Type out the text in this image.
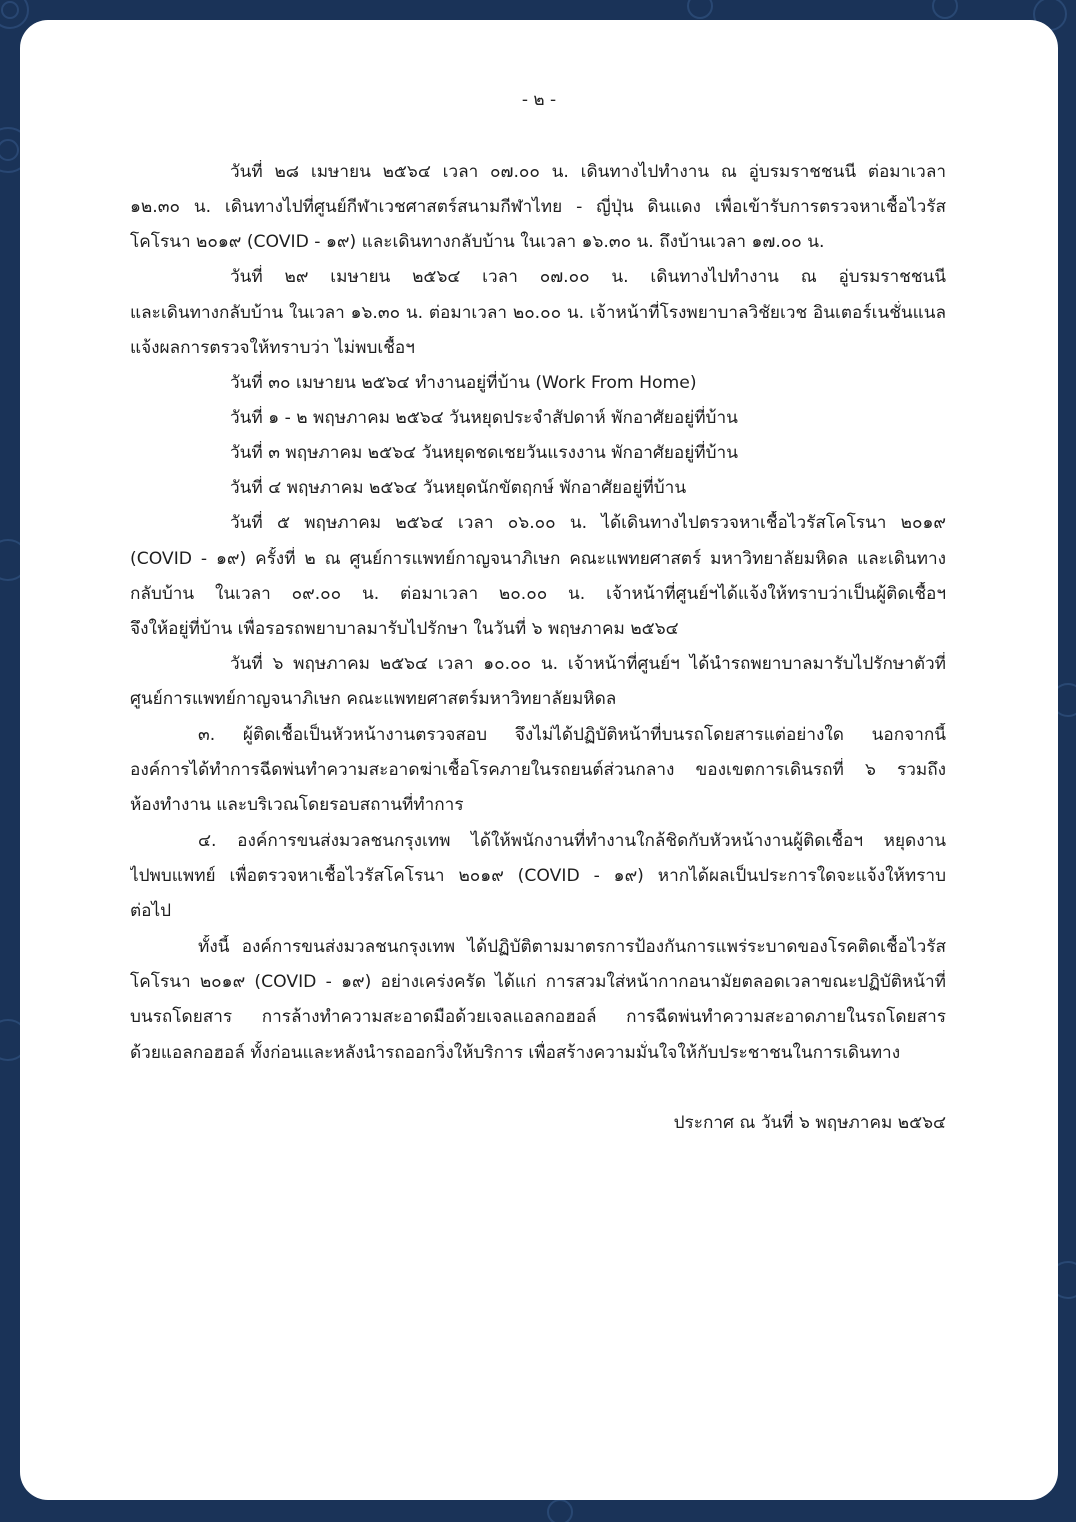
- ๒ -
วันที่ ๒๘ เมษายน ๒๕๖๔ เวลา ๐๗.๐๐ น. เดินทางไปทำงาน ณ อู่บรมราชชนนี ต่อมาเวลา
๑๒.๓๐ น. เดินทางไปที่ศูนย์กีฬาเวชศาสตร์สนามกีฬาไทย - ญี่ปุ่น ดินแดง เพื่อเข้ารับการตรวจหาเชื้อไวรัส
โคโรนา ๒๐๑๙ (COVID - ๑๙) และเดินทางกลับบ้าน ในเวลา ๑๖.๓๐ น. ถึงบ้านเวลา ๑๗.๐๐ น.
วันที่ ๒๙ เมษายน ๒๕๖๔ เวลา ๐๗.๐๐ น. เดินทางไปทำงาน ณ อู่บรมราชชนนี
และเดินทางกลับบ้าน ในเวลา ๑๖.๓๐ น. ต่อมาเวลา ๒๐.๐๐ น. เจ้าหน้าที่โรงพยาบาลวิชัยเวช อินเตอร์เนชั่นแนล
แจ้งผลการตรวจให้ทราบว่า ไม่พบเชื้อฯ
วันที่ ๓๐ เมษายน ๒๕๖๔ ทำงานอยู่ที่บ้าน (Work From Home)
วันที่ ๑ - ๒ พฤษภาคม ๒๕๖๔ วันหยุดประจำสัปดาห์ พักอาศัยอยู่ที่บ้าน
วันที่ ๓ พฤษภาคม ๒๕๖๔ วันหยุดชดเชยวันแรงงาน พักอาศัยอยู่ที่บ้าน
วันที่ ๔ พฤษภาคม ๒๕๖๔ วันหยุดนักขัตฤกษ์ พักอาศัยอยู่ที่บ้าน
วันที่ ๕ พฤษภาคม ๒๕๖๔ เวลา ๐๖.๐๐ น. ได้เดินทางไปตรวจหาเชื้อไวรัสโคโรนา ๒๐๑๙
(COVID - ๑๙) ครั้งที่ ๒ ณ ศูนย์การแพทย์กาญจนาภิเษก คณะแพทยศาสตร์ มหาวิทยาลัยมหิดล และเดินทาง
กลับบ้าน ในเวลา ๐๙.๐๐ น. ต่อมาเวลา ๒๐.๐๐ น. เจ้าหน้าที่ศูนย์ฯได้แจ้งให้ทราบว่าเป็นผู้ติดเชื้อฯ
จึงให้อยู่ที่บ้าน เพื่อรอรถพยาบาลมารับไปรักษา ในวันที่ ๖ พฤษภาคม ๒๕๖๔
วันที่ ๖ พฤษภาคม ๒๕๖๔ เวลา ๑๐.๐๐ น. เจ้าหน้าที่ศูนย์ฯ ได้นำรถพยาบาลมารับไปรักษาตัวที่
ศูนย์การแพทย์กาญจนาภิเษก คณะแพทยศาสตร์มหาวิทยาลัยมหิดล
๓. ผู้ติดเชื้อเป็นหัวหน้างานตรวจสอบ จึงไม่ได้ปฏิบัติหน้าที่บนรถโดยสารแต่อย่างใด นอกจากนี้
องค์การได้ทำการฉีดพ่นทำความสะอาดฆ่าเชื้อโรคภายในรถยนต์ส่วนกลาง ของเขตการเดินรถที่ ๖ รวมถึง
ห้องทำงาน และบริเวณโดยรอบสถานที่ทำการ
๔. องค์การขนส่งมวลชนกรุงเทพ ได้ให้พนักงานที่ทำงานใกล้ชิดกับหัวหน้างานผู้ติดเชื้อฯ หยุดงาน
ไปพบแพทย์ เพื่อตรวจหาเชื้อไวรัสโคโรนา ๒๐๑๙ (COVID - ๑๙) หากได้ผลเป็นประการใดจะแจ้งให้ทราบ
ต่อไป
ทั้งนี้ องค์การขนส่งมวลชนกรุงเทพ ได้ปฏิบัติตามมาตรการป้องกันการแพร่ระบาดของโรคติดเชื้อไวรัส
โคโรนา ๒๐๑๙ (COVID - ๑๙) อย่างเคร่งครัด ได้แก่ การสวมใส่หน้ากากอนามัยตลอดเวลาขณะปฏิบัติหน้าที่
บนรถโดยสาร การล้างทำความสะอาดมือด้วยเจลแอลกอฮอล์ การฉีดพ่นทำความสะอาดภายในรถโดยสาร
ด้วยแอลกอฮอล์ ทั้งก่อนและหลังนำรถออกวิ่งให้บริการ เพื่อสร้างความมั่นใจให้กับประชาชนในการเดินทาง
ประกาศ ณ วันที่ ๖ พฤษภาคม ๒๕๖๔
